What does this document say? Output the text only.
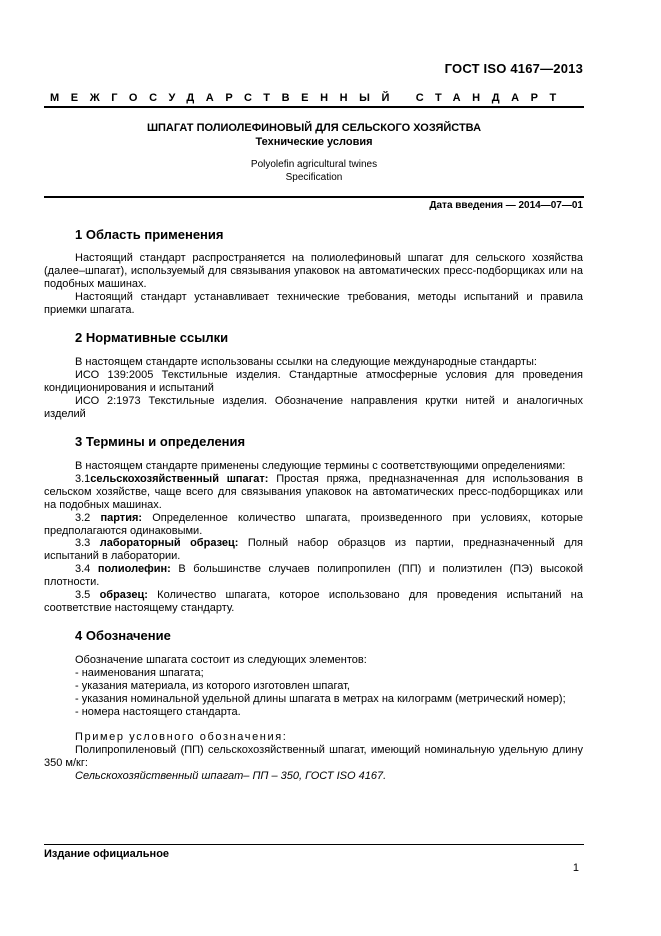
ГОСТ ISO 4167—2013
МЕЖГОСУДАРСТВЕННЫЙ СТАНДАРТ
ШПАГАТ ПОЛИОЛЕФИНОВЫЙ ДЛЯ СЕЛЬСКОГО ХОЗЯЙСТВА
Технические условия
Polyolefin agricultural twines
Specification
Дата введения — 2014—07—01
1 Область применения
Настоящий стандарт распространяется на полиолефиновый шпагат для сельского хозяйства (далее–шпагат), используемый для связывания упаковок на автоматических пресс-подборщиках или на подобных машинах.
Настоящий стандарт устанавливает технические требования, методы испытаний и правила приемки шпагата.
2 Нормативные ссылки
В настоящем стандарте использованы ссылки на следующие международные стандарты:
ИСО 139:2005 Текстильные изделия. Стандартные атмосферные условия для проведения кондиционирования и испытаний
ИСО 2:1973 Текстильные изделия. Обозначение направления крутки нитей и аналогичных изделий
3 Термины и определения
В настоящем стандарте применены следующие термины с соответствующими определениями:
3.1сельскохозяйственный шпагат: Простая пряжа, предназначенная для использования в сельском хозяйстве, чаще всего для связывания упаковок на автоматических пресс-подборщиках или на подобных машинах.
3.2 партия: Определенное количество шпагата, произведенного при условиях, которые предполагаются одинаковыми.
3.3 лабораторный образец: Полный набор образцов из партии, предназначенный для испытаний в лаборатории.
3.4 полиолефин: В большинстве случаев полипропилен (ПП) и полиэтилен (ПЭ) высокой плотности.
3.5 образец: Количество шпагата, которое использовано для проведения испытаний на соответствие настоящему стандарту.
4 Обозначение
Обозначение шпагата состоит из следующих элементов:
- наименования шпагата;
- указания материала, из которого изготовлен шпагат,
- указания номинальной удельной длины шпагата в метрах на килограмм (метрический номер);
- номера настоящего стандарта.
Пример условного обозначения:
Полипропиленовый (ПП) сельскохозяйственный шпагат, имеющий номинальную удельную длину 350 м/кг:
Сельскохозяйственный шпагат– ПП – 350, ГОСТ ISO 4167.
Издание официальное
1
